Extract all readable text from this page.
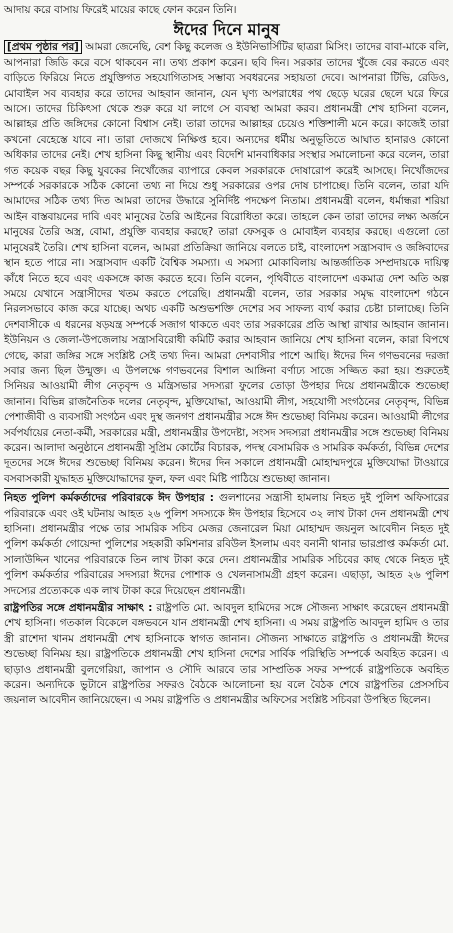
আদায় করে বাসায় ফিরেই মায়ের কাছে ফোন করেন তিনি।

ঈদের দিনে মানুষ

[প্রথম পৃষ্ঠার পর] আমরা জেনেছি, বেশ কিছু কলেজ ও ইউনিভার্সিটির ছাত্ররা মিসিং। তাদের বাবা-মাকে বলি, আপনারা জিডি করে বসে থাকবেন না। তথ্য প্রকাশ করেন। ছবি দিন। সরকার তাদের খুঁজে বের করতে এবং বাড়িতে ফিরিয়ে নিতে প্রযুক্তিগত সহযোগিতাসহ সম্ভাব্য সবধরনের সহায়তা দেবে। আপনারা টিভি, রেডিও, মোবাইল সব ব্যবহার করে তাদের আহবান জানান, যেন ঘৃণ্য অপরাধের পথ ছেড়ে ঘরের ছেলে ঘরে ফিরে আসে। তাদের চিকিৎসা থেকে শুরু করে যা লাগে সে ব্যবস্থা আমরা করব। প্রধানমন্ত্রী শেখ হাসিনা বলেন, আল্লাহর প্রতি জঙ্গিদের কোনো বিশ্বাস নেই। তারা তাদের আল্লাহর চেয়েও শক্তিশালী মনে করে। কাজেই তারা কখনো বেহেস্তে যাবে না। তারা দোজখে নিক্ষিপ্ত হবে। অন্যদের ধর্মীয় অনুভূতিতে আঘাত হানারও কোনো অধিকার তাদের নেই। শেখ হাসিনা কিছু স্থানীয় এবং বিদেশি মানবাধিকার সংস্থার সমালোচনা করে বলেন, তারা গত কয়েক বছর কিছু যুবকের নিখোঁজের ব্যাপারে কেবল সরকারকে দোষারোপ করেই আসছে। নিখোঁজদের সম্পর্কে সরকারকে সঠিক কোনো তথ্য না দিয়ে শুধু সরকারের ওপর দোষ চাপাচ্ছে। তিনি বলেন, তারা যদি আমাদের সঠিক তথ্য দিত আমরা তাদের উদ্ধারে সুনির্দিষ্ট পদক্ষেপ নিতাম। প্রধানমন্ত্রী বলেন, ধর্মান্ধরা শরিয়া আইন বাস্তবায়নের দাবি এবং মানুষের তৈরি আইনের বিরোধিতা করে। তাহলে কেন তারা তাদের লক্ষ্য অর্জনে মানুষের তৈরি অস্ত্র, বোমা, প্রযুক্তি ব্যবহার করছে? তারা ফেসবুক ও মোবাইল ব্যবহার করছে। এগুলো তো মানুষেরই তৈরি। শেখ হাসিনা বলেন, আমরা প্রতিক্রিয়া জানিয়ে বলতে চাই, বাংলাদেশ সন্ত্রাসবাদ ও জঙ্গিবাদের স্থান হতে পারে না। সন্ত্রাসবাদ একটি বৈশ্বিক সমস্যা। এ সমস্যা মোকাবিলায় আন্তর্জাতিক সম্প্রদায়কে দায়িত্ব কাঁধে নিতে হবে এবং একসঙ্গে কাজ করতে হবে। তিনি বলেন, পৃথিবীতে বাংলাদেশ একমাত্র দেশ অতি অল্প সময়ে যেখানে সন্ত্রাসীদের খতম করতে পেরেছি। প্রধানমন্ত্রী বলেন, তার সরকার সমৃদ্ধ বাংলাদেশ গঠনে নিরলসভাবে কাজ করে যাচ্ছে। অথচ একটি অশুভশক্তি দেশের সব সাফল্য ব্যর্থ করার চেষ্টা চালাচ্ছে। তিনি দেশবাসীকে এ ধরনের ষড়যন্ত্র সম্পর্কে সজাগ থাকতে এবং তার সরকারের প্রতি আস্থা রাখার আহবান জানান। ইউনিয়ন ও জেলা-উপজেলায় সন্ত্রাসবিরোধী কমিটি করার আহবান জানিয়ে শেখ হাসিনা বলেন, কারা বিপথে গেছে, কারা জঙ্গির সঙ্গে সংশ্লিষ্ট সেই তথ্য দিন। আমরা দেশবাসীর পাশে আছি। ঈদের দিন গণভবনের দরজা সবার জন্য ছিল উন্মুক্ত। এ উপলক্ষে গণভবনের বিশাল আঙ্গিনা বর্ণাঢ্য সাজে সজ্জিত করা হয়। শুরুতেই সিনিয়র আওয়ামী লীগ নেতৃবৃন্দ ও মন্ত্রিসভার সদস্যরা ফুলের তোড়া উপহার দিয়ে প্রধানমন্ত্রীকে শুভেচ্ছা জানান। বিভিন্ন রাজনৈতিক দলের নেতৃবৃন্দ, মুক্তিযোদ্ধা, আওয়ামী লীগ, সহযোগী সংগঠনের নেতৃবৃন্দ, বিভিন্ন পেশাজীবী ও ব্যবসায়ী সংগঠন এবং দুস্থ জনগণ প্রধানমন্ত্রীর সঙ্গে ঈদ শুভেচ্ছা বিনিময় করেন। আওয়ামী লীগের সর্বপর্যায়ের নেতা-কর্মী, সরকারের মন্ত্রী, প্রধানমন্ত্রীর উপদেষ্টা, সংসদ সদস্যরা প্রধানমন্ত্রীর সঙ্গে শুভেচ্ছা বিনিময় করেন। আলাদা অনুষ্ঠানে প্রধানমন্ত্রী সুপ্রিম কোর্টের বিচারক, পদস্থ বেসামরিক ও সামরিক কর্মকর্তা, বিভিন্ন দেশের দূতদের সঙ্গে ঈদের শুভেচ্ছা বিনিময় করেন। ঈদের দিন সকালে প্রধানমন্ত্রী মোহাম্মদপুরে মুক্তিযোদ্ধা টাওয়ারে বসবাসকারী যুদ্ধাহত মুক্তিযোদ্ধাদের ফুল, ফল এবং মিষ্টি পাঠিয়ে শুভেচ্ছা জানান।

নিহত পুলিশ কর্মকর্তাদের পরিবারকে ঈদ উপহার : গুলশানের সন্ত্রাসী হামলায় নিহত দুই পুলিশ অফিসারের পরিবারকে এবং ওই ঘটনায় আহত ২৬ পুলিশ সদস্যকে ঈদ উপহার হিসেবে ৩২ লাখ টাকা দেন প্রধানমন্ত্রী শেখ হাসিনা। প্রধানমন্ত্রীর পক্ষে তার সামরিক সচিব মেজর জেনারেল মিয়া মোহাম্মদ জয়নুল আবেদীন নিহত দুই পুলিশ কর্মকর্তা গোয়েন্দা পুলিশের সহকারী কমিশনার রবিউল ইসলাম এবং বনানী থানার ভারপ্রাপ্ত কর্মকর্তা মো. সালাউদ্দিন খানের পরিবারকে তিন লাখ টাকা করে দেন। প্রধানমন্ত্রীর সামরিক সচিবের কাছ থেকে নিহত দুই পুলিশ কর্মকর্তার পরিবারের সদস্যরা ঈদের পোশাক ও খেলনাসামগ্রী গ্রহণ করেন। এছাড়া, আহত ২৬ পুলিশ সদস্যের প্রত্যেককে এক লাখ টাকা করে দিয়েছেন প্রধানমন্ত্রী।

রাষ্ট্রপতির সঙ্গে প্রধানমন্ত্রীর সাক্ষাৎ : রাষ্ট্রপতি মো. আবদুল হামিদের সঙ্গে সৌজন্য সাক্ষাৎ করেছেন প্রধানমন্ত্রী শেখ হাসিনা। গতকাল বিকেলে বঙ্গভবনে যান প্রধানমন্ত্রী শেখ হাসিনা। এ সময় রাষ্ট্রপতি আবদুল হামিদ ও তার স্ত্রী রাশেদা খানম প্রধানমন্ত্রী শেখ হাসিনাকে স্বাগত জানান। সৌজন্য সাক্ষাতে রাষ্ট্রপতি ও প্রধানমন্ত্রী ঈদের শুভেচ্ছা বিনিময় হয়। রাষ্ট্রপতিকে প্রধানমন্ত্রী শেখ হাসিনা দেশের সার্বিক পরিস্থিতি সম্পর্কে অবহিত করেন। এ ছাড়াও প্রধানমন্ত্রী বুলগেরিয়া, জাপান ও সৌদি আরবে তার সাম্প্রতিক সফর সম্পর্কে রাষ্ট্রপতিকে অবহিত করেন। অন্যদিকে ভুটানে রাষ্ট্রপতির সফরও বৈঠকে আলোচনা হয় বলে বৈঠক শেষে রাষ্ট্রপতির প্রেসসচিব জয়নাল আবেদীন জানিয়েছেন। এ সময় রাষ্ট্রপতি ও প্রধানমন্ত্রীর অফিসের সংশ্লিষ্ট সচিবরা উপস্থিত ছিলেন।
